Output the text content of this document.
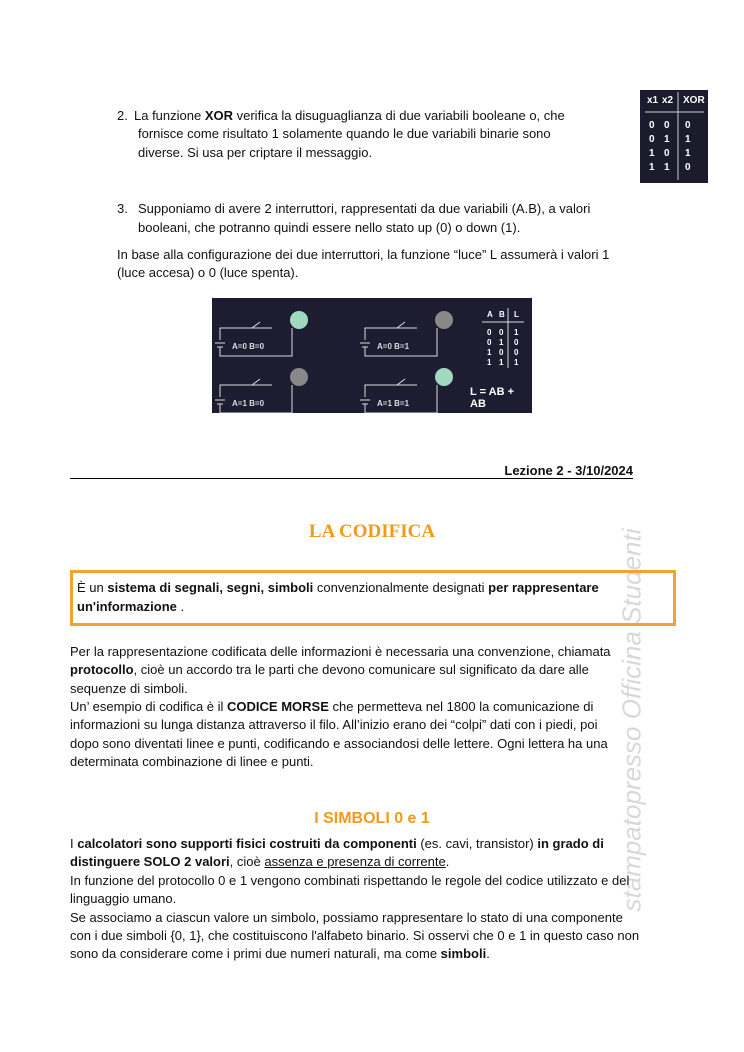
stampatopresso Officina Studenti
x1 x2 XOR
0 0 0
0 1 1
1 0 1
1 1 0
2. La funzione XOR verifica la disuguaglianza di due variabili booleane o, che
fornisce come risultato 1 solamente quando le due variabili binarie sono
diverse. Si usa per criptare il messaggio.
3. Supponiamo di avere 2 interruttori, rappresentati da due variabili (A.B), a valori
booleani, che potranno quindi essere nello stato up (0) o down (1).
In base alla configurazione dei due interruttori, la funzione “luce” L assumerà i valori 1
(luce accesa) o 0 (luce spenta).
A=0 B=0	A=0 B=1
A=1 B=0	A=1 B=1
A B L
0 0 1
0 1 0
1 0 0
1 1 1
L = AB + AB
Lezione 2 - 3/10/2024
LA CODIFICA
È un sistema di segnali, segni, simboli convenzionalmente designati per rappresentare
un'informazione .
Per la rappresentazione codificata delle informazioni è necessaria una convenzione, chiamata
protocollo, cioè un accordo tra le parti che devono comunicare sul significato da dare alle
sequenze di simboli.
Un’ esempio di codifica è il CODICE MORSE che permetteva nel 1800 la comunicazione di
informazioni su lunga distanza attraverso il filo. All’inizio erano dei “colpi” dati con i piedi, poi
dopo sono diventati linee e punti, codificando e associandosi delle lettere. Ogni lettera ha una
determinata combinazione di linee e punti.
I SIMBOLI 0 e 1
I calcolatori sono supporti fisici costruiti da componenti (es. cavi, transistor) in grado di
distinguere SOLO 2 valori, cioè assenza e presenza di corrente.
In funzione del protocollo 0 e 1 vengono combinati rispettando le regole del codice utilizzato e del
linguaggio umano.
Se associamo a ciascun valore un simbolo, possiamo rappresentare lo stato di una componente
con i due simboli {0, 1}, che costituiscono l'alfabeto binario. Si osservi che 0 e 1 in questo caso non
sono da considerare come i primi due numeri naturali, ma come simboli.
